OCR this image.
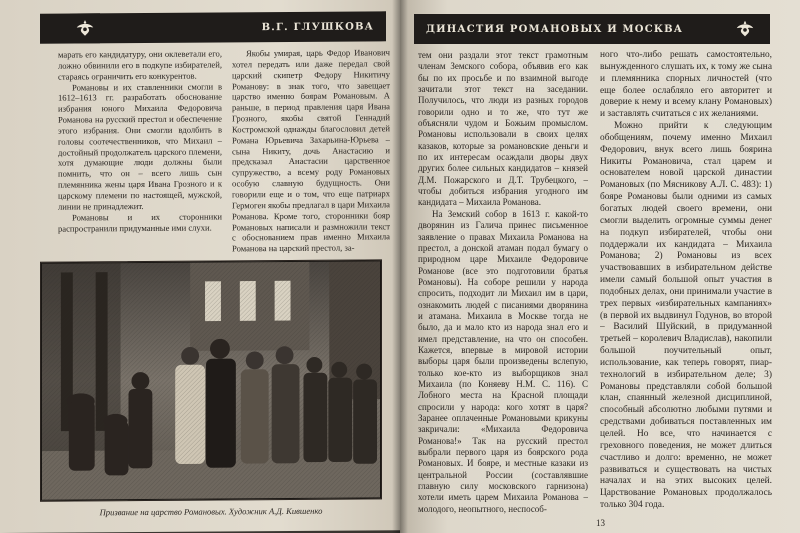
В.Г. ГЛУШКОВА

марать его кандидатуру, они оклеветали его, ложно обвинили его в подкупе избирателей, стараясь ограничить его конкурентов.

Романовы и их ставленники смогли в 1612–1613 гг. разработать обоснование избрания юного Михаила Федоровича Романова на русский престол и обеспечение этого избрания. Они смогли вдолбить в головы соотечественников, что Михаил – достойный продолжатель царского племени, хотя думающие люди должны были помнить, что он – всего лишь сын племянника жены царя Ивана Грозного и к царскому племени по настоящей, мужской, линии не принадлежит.

Романовы и их сторонники распространили придуманные ими слухи.

Якобы умирая, царь Федор Иванович хотел передать или даже передал свой царский скипетр Федору Никитичу Романову: в знак того, что завещает царство именно боярам Романовым. А раньше, в период правления царя Ивана Грозного, якобы святой Геннадий Костромской однажды благословил детей Романа Юрьевича Захарьина-Юрьева – сына Никиту, дочь Анастасию и предсказал Анастасии царственное супружество, а всему роду Романовых особую славную будущность. Они говорили еще и о том, что еще патриарх Гермоген якобы предлагал в цари Михаила Романова. Кроме того, сторонники бояр Романовых написали и размножили текст с обоснованием прав именно Михаила Романова на царский престол, за-

Призвание на царство Романовых. Художник А.Д. Кившенко
ДИНАСТИЯ РОМАНОВЫХ И МОСКВА

тем они раздали этот текст грамотным членам Земского собора, объявив его как бы по их просьбе и по взаимной выгоде зачитали этот текст на заседании. Получилось, что люди из разных городов говорили одно и то же, что тут же объясняли чудом и Божьим промыслом. Романовы использовали в своих целях казаков, которые за романовские деньги и по их интересам осаждали дворы двух других более сильных кандидатов – князей Д.М. Пожарского и Д.Т. Трубецкого, – чтобы добиться избрания угодного им кандидата – Михаила Романова.

На Земский собор в 1613 г. какой-то дворянин из Галича принес письменное заявление о правах Михаила Романова на престол, а донской атаман подал бумагу о природном царе Михаиле Федоровиче Романове (все это подготовили братья Романовы). На соборе решили у народа спросить, подходит ли Михаил им в цари, ознакомить людей с писаниями дворянина и атамана. Михаила в Москве тогда не было, да и мало кто из народа знал его и имел представление, на что он способен. Кажется, впервые в мировой истории выборы царя были произведены вслепую, только кое-кто из выборщиков знал Михаила (по Коняеву Н.М. С. 116). С Лобного места на Красной площади спросили у народа: кого хотят в царя? Заранее оплаченные Романовыми крикуны закричали: «Михаила Федоровича Романова!» Так на русский престол выбрали первого царя из боярского рода Романовых. И бояре, и местные казаки из центральной России (составлявшие главную силу московского гарнизона) хотели иметь царем Михаила Романова – молодого, неопытного, неспособ-

ного что-либо решать самостоятельно, вынужденного слушать их, к тому же сына и племянника спорных личностей (что еще более ослабляло его авторитет и доверие к нему и всему клану Романовых) и заставлять считаться с их желаниями.

Можно прийти к следующим обобщениям, почему именно Михаил Федорович, внук всего лишь боярина Никиты Романовича, стал царем и основателем новой царской династии Романовых (по Мясникову А.Л. С. 483): 1) бояре Романовы были одними из самых богатых людей своего времени, они смогли выделить огромные суммы денег на подкуп избирателей, чтобы они поддержали их кандидата – Михаила Романова; 2) Романовы из всех участвовавших в избирательном действе имели самый большой опыт участия в подобных делах, они принимали участие в трех первых «избирательных кампаниях» (в первой их выдвинул Годунов, во второй – Василий Шуйский, в придуманной третьей – королевич Владислав), накопили большой поучительный опыт, использование, как теперь говорят, пиар-технологий в избирательном деле; 3) Романовы представляли собой большой клан, спаянный железной дисциплиной, способный абсолютно любыми путями и средствами добиваться поставленных им целей. Но все, что начинается с греховного поведения, не может длиться счастливо и долго: временно, не может развиваться и существовать на чистых началах и на этих высоких целей. Царствование Романовых продолжалось только 304 года.

13
